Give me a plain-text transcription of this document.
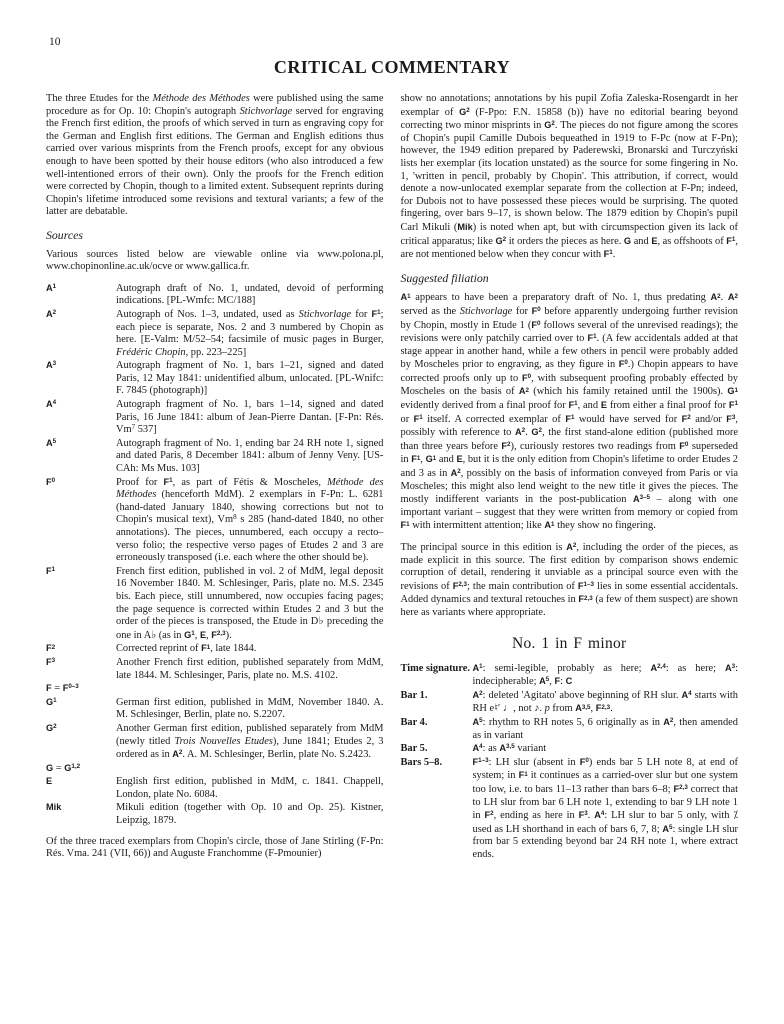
10
CRITICAL COMMENTARY

The three Etudes for the Méthode des Méthodes were published using the same procedure as for Op. 10: Chopin's autograph Stichvorlage served for engraving the French first edition, the proofs of which served in turn as engraving copy for the German and English first editions. The German and English editions thus carried over various misprints from the French proofs, except for any obvious enough to have been spotted by their house editors (who also introduced a few well-intentioned errors of their own). Only the proofs for the French edition were corrected by Chopin, though to a limited extent. Subsequent reprints during Chopin's lifetime introduced some revisions and textural variants; a few of the latter are debatable.

Sources

Various sources listed below are viewable online via www.polona.pl, www.chopinonline.ac.uk/ocve or www.gallica.fr.

$A^1$	Autograph draft of No. 1, undated, devoid of performing indications. [PL-Wmfc: MC/188]
$A^2$	Autograph of Nos. 1–3, undated, used as Stichvorlage for $F^1$; each piece is separate, Nos. 2 and 3 numbered by Chopin as here. [E-Valm: M/52–54; facsimile of music pages in Burger, Frédéric Chopin, pp. 223–225]
$A^3$	Autograph fragment of No. 1, bars 1–21, signed and dated Paris, 12 May 1841: unidentified album, unlocated. [PL-Wnifc: F. 7845 (photograph)]
$A^4$	Autograph fragment of No. 1, bars 1–14, signed and dated Paris, 16 June 1841: album of Jean-Pierre Dantan. [F-Pn: Rés. Vm$^7$ 537]
$A^5$	Autograph fragment of No. 1, ending bar 24 RH note 1, signed and dated Paris, 8 December 1841: album of Jenny Veny. [US-CAh: Ms Mus. 103]
$F^0$	Proof for $F^1$, as part of Fétis & Moscheles, Méthode des Méthodes (henceforth MdM). 2 exemplars in F-Pn: L. 6281 (hand-dated January 1840, showing corrections but not to Chopin's musical text), Vm$^8$ s 285 (hand-dated 1840, no other annotations). The pieces, unnumbered, each occupy a recto–verso folio; the respective verso pages of Etudes 2 and 3 are erroneously transposed (i.e. each where the other should be).
$F^1$	French first edition, published in vol. 2 of MdM, legal deposit 16 November 1840. M. Schlesinger, Paris, plate no. M.S. 2345 bis. Each piece, still unnumbered, now occupies facing pages; the page sequence is corrected within Etudes 2 and 3 but the order of the pieces is transposed, the Etude in D♭ preceding the one in A♭ (as in $G^1$, E, F$^{2,3}$).
$F^2$	Corrected reprint of $F^1$, late 1844.
$F^3$	Another French first edition, published separately from MdM, late 1844. M. Schlesinger, Paris, plate no. M.S. 4102.
$F = F^{0-3}$
$G^1$	German first edition, published in MdM, November 1840. A. M. Schlesinger, Berlin, plate no. S.2207.
$G^2$	Another German first edition, published separately from MdM (newly titled Trois Nouvelles Etudes), June 1841; Etudes 2, 3 ordered as in $A^2$. A. M. Schlesinger, Berlin, plate No. S.2423.
G = G$^{1,2}$
E	English first edition, published in MdM, c. 1841. Chappell, London, plate No. 6084.
Mik	Mikuli edition (together with Op. 10 and Op. 25). Kistner, Leipzig, 1879.

Of the three traced exemplars from Chopin's circle, those of Jane Stirling (F-Pn: Rés. Vma. 241 (VII, 66)) and Auguste Franchomme (F-Pmounier)

show no annotations; annotations by his pupil Zofia Zaleska-Rosengardt in her exemplar of $G^2$ (F-Ppo: F.N. 15858 (b)) have no editorial bearing beyond correcting two minor misprints in $G^2$. The pieces do not figure among the scores of Chopin's pupil Camille Dubois bequeathed in 1919 to F-Pc (now at F-Pn); however, the 1949 edition prepared by Paderewski, Bronarski and Turczyński lists her exemplar (its location unstated) as the source for some fingering in No. 1, 'written in pencil, probably by Chopin'. This attribution, if correct, would denote a now-unlocated exemplar separate from the collection at F-Pn; indeed, for Dubois not to have possessed these pieces would be surprising. The quoted fingering, over bars 9–17, is shown below. The 1879 edition by Chopin's pupil Carl Mikuli (Mik) is noted when apt, but with circumspection given its lack of critical apparatus; like $G^2$ it orders the pieces as here. G and E, as offshoots of $F^1$, are not mentioned below when they concur with $F^1$.

Suggested filiation

$A^1$ appears to have been a preparatory draft of No. 1, thus predating $A^2$. $A^2$ served as the Stichvorlage for $F^0$ before apparently undergoing further revision by Chopin, mostly in Etude 1 ($F^0$ follows several of the unrevised readings); the revisions were only patchily carried over to $F^1$. (A few accidentals added at that stage appear in another hand, while a few others in pencil were probably added by Moscheles prior to engraving, as they figure in $F^0$.) Chopin appears to have corrected proofs only up to $F^0$, with subsequent proofing probably effected by Moscheles on the basis of $A^2$ (which his family retained until the 1900s). $G^1$ evidently derived from a final proof for $F^1$, and E from either a final proof for $F^1$ or $F^1$ itself. A corrected exemplar of $F^1$ would have served for $F^2$ and/or $F^3$, possibly with reference to $A^2$. $G^2$, the first stand-alone edition (published more than three years before $F^2$), curiously restores two readings from $F^0$ superseded in $F^1$, $G^1$ and E, but it is the only edition from Chopin's lifetime to order Etudes 2 and 3 as in $A^2$, possibly on the basis of information conveyed from Paris or via Moscheles; this might also lend weight to the new title it gives the pieces. The mostly indifferent variants in the post-publication $A^{3-5}$ – along with one important variant – suggest that they were written from memory or copied from $F^1$ with intermittent attention; like $A^1$ they show no fingering.

The principal source in this edition is $A^2$, including the order of the pieces, as made explicit in this source. The first edition by comparison shows endemic corruption of detail, rendering it unviable as a principal source even with the revisions of F$^{2,3}$; the main contribution of $F^{1-3}$ lies in some essential accidentals. Added dynamics and textural retouches in F$^{2,3}$ (a few of them suspect) are shown here as variants where appropriate.

No. 1 in F minor
Time signature. $A^1$: semi-legible, probably as here; A$^{2,4}$: as here; $A^3$: indecipherable; $A^5$, F: C
Bar 1.	$A^2$: deleted 'Agitato' above beginning of RH slur. $A^4$ starts with RH e♮′ ♩, not ♪. p from A$^{3,5}$, F$^{2,3}$.
Bar 4.	$A^5$: rhythm to RH notes 5, 6 originally as in $A^2$, then amended as in variant
Bar 5.	$A^4$: as A$^{3,5}$ variant
Bars 5–8.	$F^{1-3}$: LH slur (absent in $F^0$) ends bar 5 LH note 8, at end of system; in $F^1$ it continues as a carried-over slur but one system too low, i.e. to bars 11–13 rather than bars 6–8; F$^{2,3}$ correct that to LH slur from bar 6 LH note 1, extending to bar 9 LH note 1 in $F^2$, ending as here in $F^3$. $A^4$: LH slur to bar 5 only, with ⁒ used as LH shorthand in each of bars 6, 7, 8; $A^5$: single LH slur from bar 5 extending beyond bar 24 RH note 1, where extract ends.
